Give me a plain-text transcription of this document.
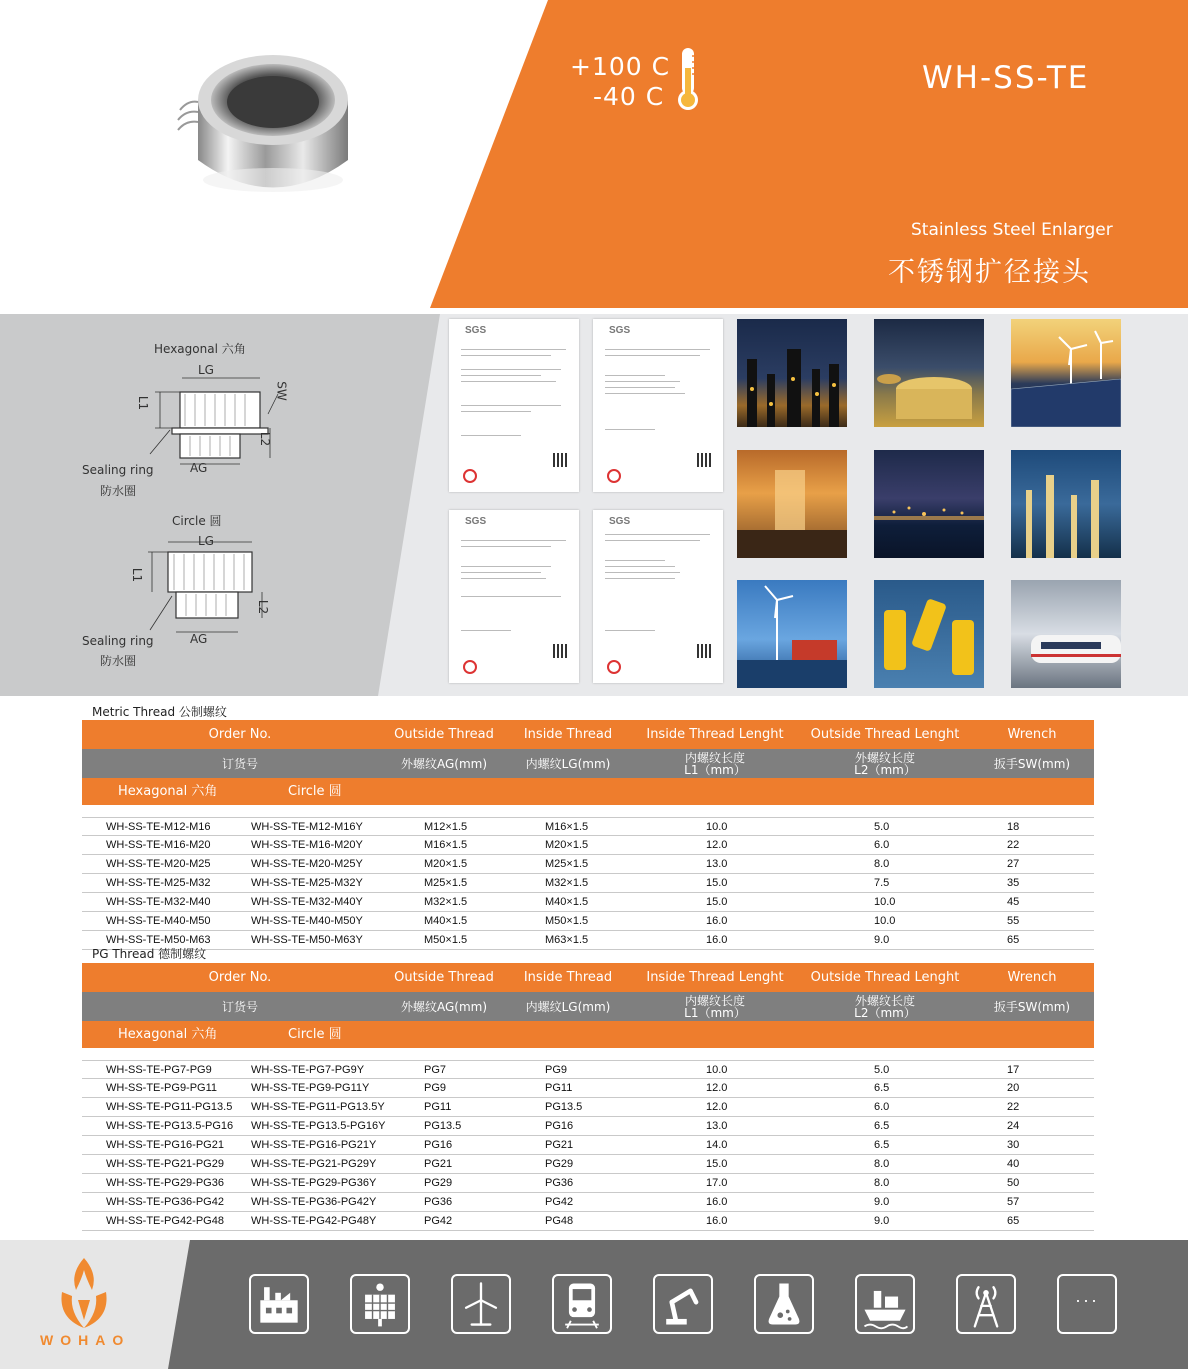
+100 C
-40 C
WH-SS-TE
Stainless Steel Enlarger
不锈钢扩径接头
Hexagonal 六角
LG
L1
SW
L2
AG
Sealing ring
防水圈
Circle 圆
LG
L1
L2
AG
Sealing ring
防水圈
SGS	SGS
SGS	SGS
Metric Thread 公制螺纹
Order No.	Outside Thread	Inside Thread	Inside Thread Lenght	Outside Thread Lenght	Wrench
订货号	外螺纹AG(mm)	内螺纹LG(mm)	内螺纹长度
L1（mm）
外螺纹长度
L2（mm）	扳手SW(mm)
Hexagonal 六角	Circle 圆
WH-SS-TE-M12-M16	WH-SS-TE-M12-M16Y	M12×1.5	M16×1.5	10.0	5.0	18
WH-SS-TE-M16-M20	WH-SS-TE-M16-M20Y	M16×1.5	M20×1.5	12.0	6.0	22
WH-SS-TE-M20-M25	WH-SS-TE-M20-M25Y	M20×1.5	M25×1.5	13.0	8.0	27
WH-SS-TE-M25-M32	WH-SS-TE-M25-M32Y	M25×1.5	M32×1.5	15.0	7.5	35
WH-SS-TE-M32-M40	WH-SS-TE-M32-M40Y	M32×1.5	M40×1.5	15.0	10.0	45
WH-SS-TE-M40-M50	WH-SS-TE-M40-M50Y	M40×1.5	M50×1.5	16.0	10.0	55
WH-SS-TE-M50-M63	WH-SS-TE-M50-M63Y	M50×1.5	M63×1.5	16.0	9.0	65
PG Thread 德制螺纹
Order No.	Outside Thread	Inside Thread	Inside Thread Lenght	Outside Thread Lenght	Wrench
订货号	外螺纹AG(mm)	内螺纹LG(mm)	内螺纹长度
L1（mm）
外螺纹长度
L2（mm）	扳手SW(mm)
Hexagonal 六角	Circle 圆
WH-SS-TE-PG7-PG9	WH-SS-TE-PG7-PG9Y	PG7	PG9	10.0	5.0	17
WH-SS-TE-PG9-PG11	WH-SS-TE-PG9-PG11Y	PG9	PG11	12.0	6.5	20
WH-SS-TE-PG11-PG13.5 WH-SS-TE-PG11-PG13.5Y	PG11	PG13.5	12.0	6.0	22
WH-SS-TE-PG13.5-PG16 WH-SS-TE-PG13.5-PG16Y	PG13.5	PG16	13.0	6.5	24
WH-SS-TE-PG16-PG21 WH-SS-TE-PG16-PG21Y	PG16	PG21	14.0	6.5	30
WH-SS-TE-PG21-PG29 WH-SS-TE-PG21-PG29Y	PG21	PG29	15.0	8.0	40
WH-SS-TE-PG29-PG36 WH-SS-TE-PG29-PG36Y	PG29	PG36	17.0	8.0	50
WH-SS-TE-PG36-PG42 WH-SS-TE-PG36-PG42Y	PG36	PG42	16.0	9.0	57
WH-SS-TE-PG42-PG48 WH-SS-TE-PG42-PG48Y	PG42	PG48	16.0	9.0	65
WOHAO
···
